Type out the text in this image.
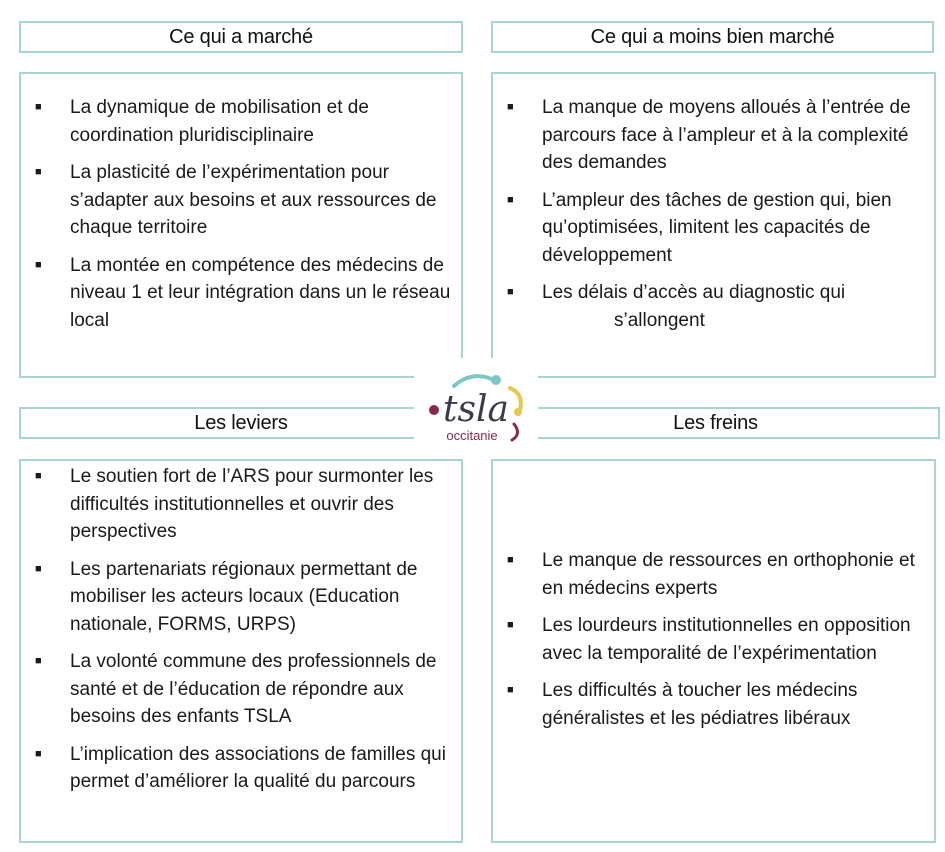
Ce qui a marché	Ce qui a moins bien marché
Les leviers	Les freins
■ La dynamique de mobilisation et de coordination pluridisciplinaire
■ La plasticité de l’expérimentation pour s’adapter aux besoins et aux ressources de chaque territoire
■ La montée en compétence des médecins de niveau 1 et leur intégration dans un le réseau local
■ La manque de moyens alloués à l’entrée de parcours face à l’ampleur et à la complexité des demandes
■ L’ampleur des tâches de gestion qui, bien qu’optimisées, limitent les capacités de développement
■ Les délais d’accès au diagnostic qui
s’allongent
■ Le soutien fort de l’ARS pour surmonter les difficultés institutionnelles et ouvrir des perspectives
■ Les partenariats régionaux permettant de mobiliser les acteurs locaux (Education nationale, FORMS, URPS)
■ La volonté commune des professionnels de santé et de l’éducation de répondre aux besoins des enfants TSLA
■ L’implication des associations de familles qui permet d’améliorer la qualité du parcours
■ Le manque de ressources en orthophonie et en médecins experts
■ Les lourdeurs institutionnelles en opposition avec la temporalité de l’expérimentation
■ Les difficultés à toucher les médecins généralistes et les pédiatres libéraux
tsla
occitanie
